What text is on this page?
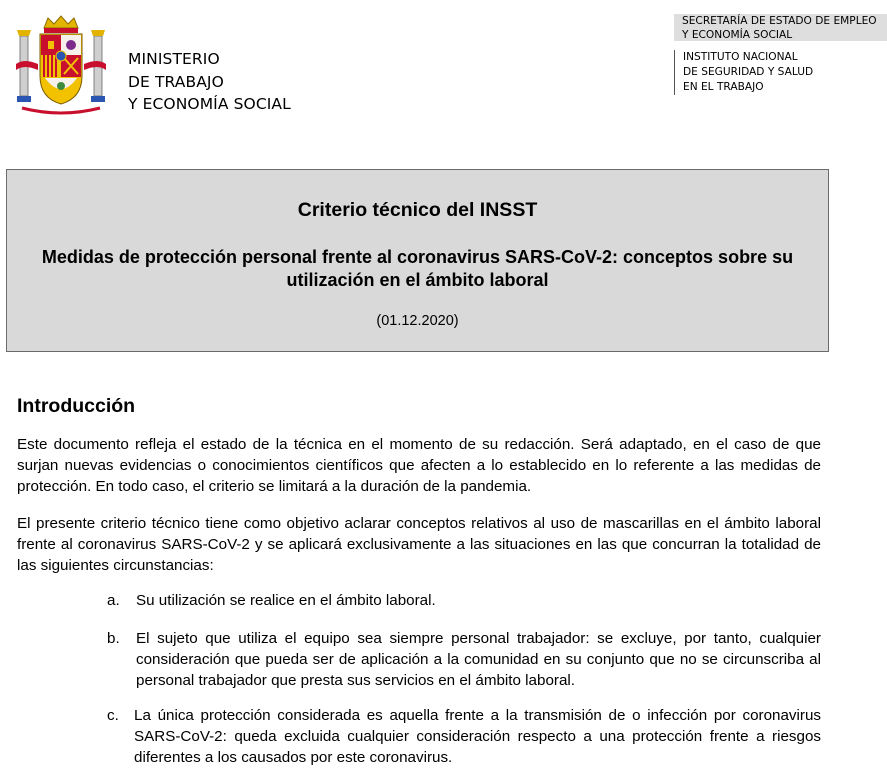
MINISTERIO
DE TRABAJO
Y ECONOMÍA SOCIAL
SECRETARÍA DE ESTADO DE EMPLEO
Y ECONOMÍA SOCIAL
INSTITUTO NACIONAL
DE SEGURIDAD Y SALUD
EN EL TRABAJO
Criterio técnico del INSST
Medidas de protección personal frente al coronavirus SARS-CoV-2: conceptos sobre su utilización en el ámbito laboral
(01.12.2020)
Introducción
Este documento refleja el estado de la técnica en el momento de su redacción. Será adaptado, en el caso de que surjan nuevas evidencias o conocimientos científicos que afecten a lo establecido en lo referente a las medidas de protección. En todo caso, el criterio se limitará a la duración de la pandemia.
El presente criterio técnico tiene como objetivo aclarar conceptos relativos al uso de mascarillas en el ámbito laboral frente al coronavirus SARS-CoV-2 y se aplicará exclusivamente a las situaciones en las que concurran la totalidad de las siguientes circunstancias:
a. Su utilización se realice en el ámbito laboral.
b. El sujeto que utiliza el equipo sea siempre personal trabajador: se excluye, por tanto, cualquier consideración que pueda ser de aplicación a la comunidad en su conjunto que no se circunscriba al personal trabajador que presta sus servicios en el ámbito laboral.
c. La única protección considerada es aquella frente a la transmisión de o infección por coronavirus SARS-CoV-2: queda excluida cualquier consideración respecto a una protección frente a riesgos diferentes a los causados por este coronavirus.
